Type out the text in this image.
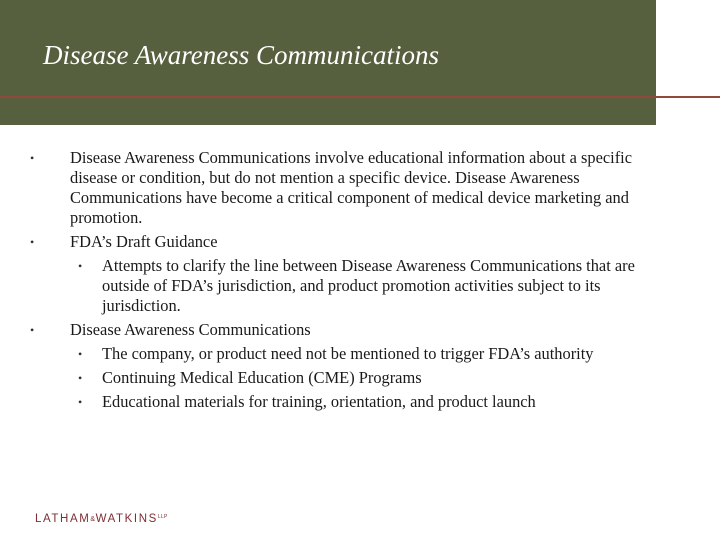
Disease Awareness Communications
• Disease Awareness Communications involve educational information about a specific disease or condition, but do not mention a specific device. Disease Awareness Communications have become a critical component of medical device marketing and promotion.
• FDA’s Draft Guidance
• Attempts to clarify the line between Disease Awareness Communications that are outside of FDA’s jurisdiction, and product promotion activities subject to its jurisdiction.
• Disease Awareness Communications
• The company, or product need not be mentioned to trigger FDA’s authority
• Continuing Medical Education (CME) Programs
• Educational materials for training, orientation, and product launch
$LATHAM\&WATKINS^{LLP}$
